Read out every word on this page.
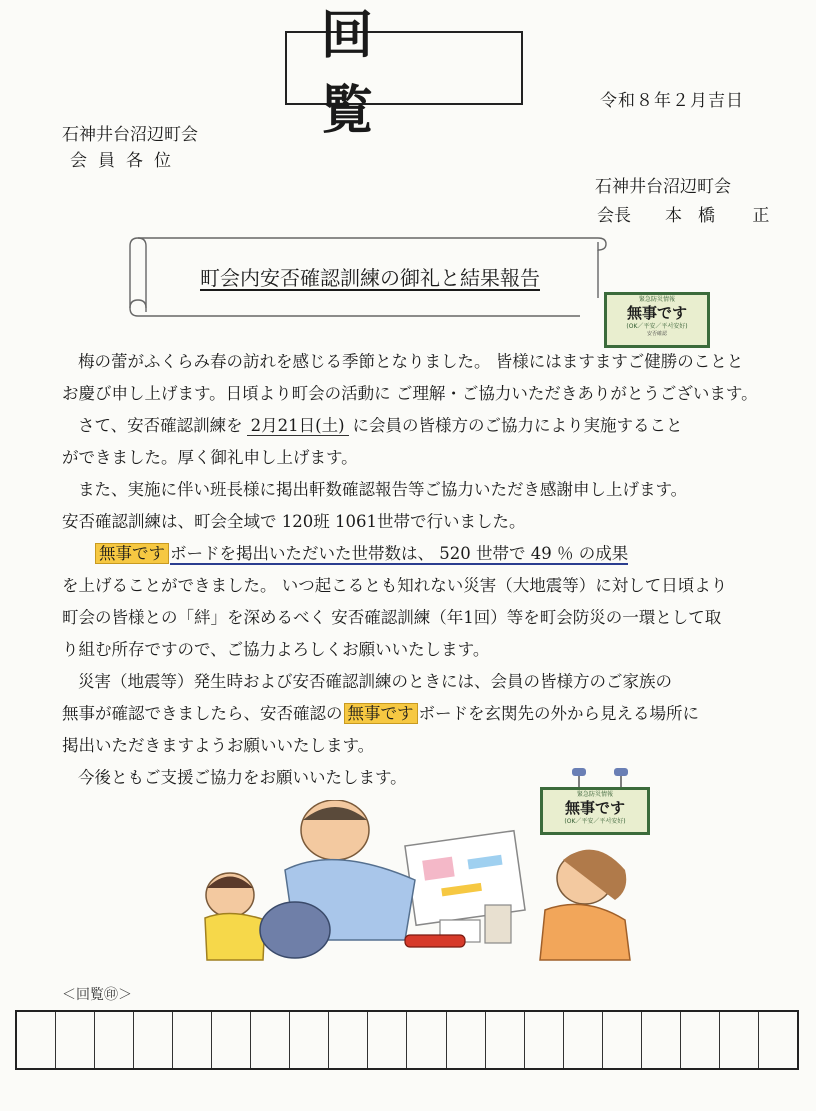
回　覧	令和８年２月吉日
石神井台沼辺町会
会員各位
石神井台沼辺町会
会長 本橋 正
町会内安否確認訓練の御礼と結果報告
緊急防災情報
無事です
(OK／平安／平서安好)
安否確認
梅の蕾がふくらみ春の訪れを感じる季節となりました。 皆様にはますますご健勝のことと
お慶び申し上げます。日頃より町会の活動に ご理解・ご協力いただきありがとうございます。
さて、安否確認訓練を 2月21日(土) に会員の皆様方のご協力により実施すること
ができました。厚く御礼申し上げます。
また、実施に伴い班長様に掲出軒数確認報告等ご協力いただき感謝申し上げます。
安否確認訓練は、町会全域で 120班 1061世帯で行いました。
無事です ボードを掲出いただいた世帯数は、 520 世帯で 49 ％ の成果
を上げることができました。 いつ起こるとも知れない災害（大地震等）に対して日頃より
町会の皆様との「絆」を深めるべく 安否確認訓練（年1回）等を町会防災の一環として取
り組む所存ですので、ご協力よろしくお願いいたします。
災害（地震等）発生時および安否確認訓練のときには、会員の皆様方のご家族の
無事が確認できましたら、安否確認の 無事です ボードを玄関先の外から見える場所に
掲出いただきますようお願いいたします。
今後ともご支援ご協力をお願いいたします。
緊急防災情報
無事です
(OK／平安／平서安好)
＜回覧㊞＞
